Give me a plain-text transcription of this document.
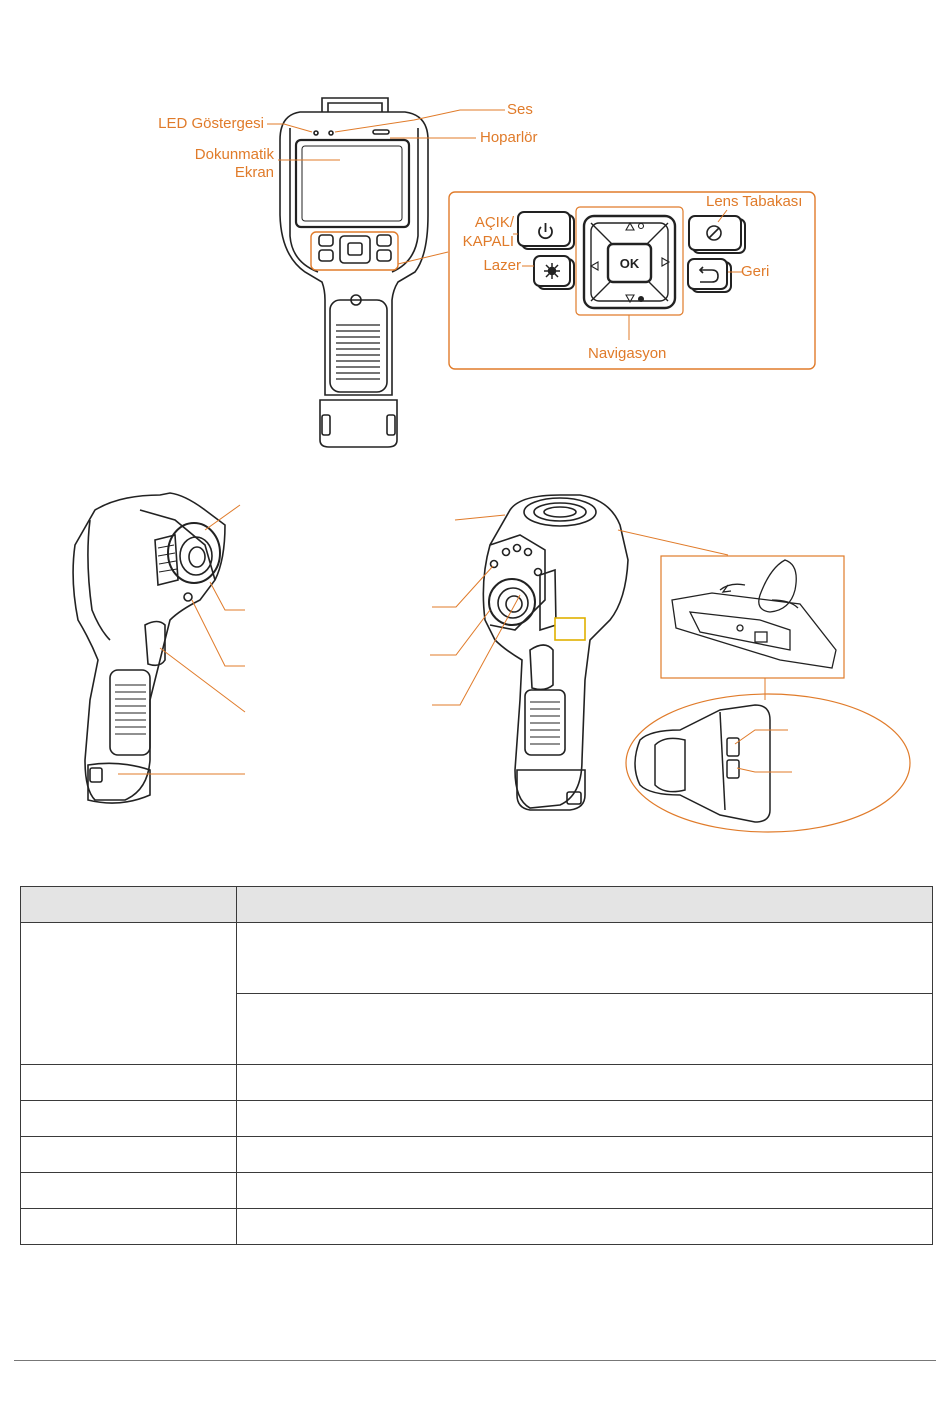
OK
LED Göstergesi
Ses
Hoparlör
Dokunmatik
Ekran
AÇIK/
KAPALI
Lazer
Lens Tabakası
Geri
Navigasyon
